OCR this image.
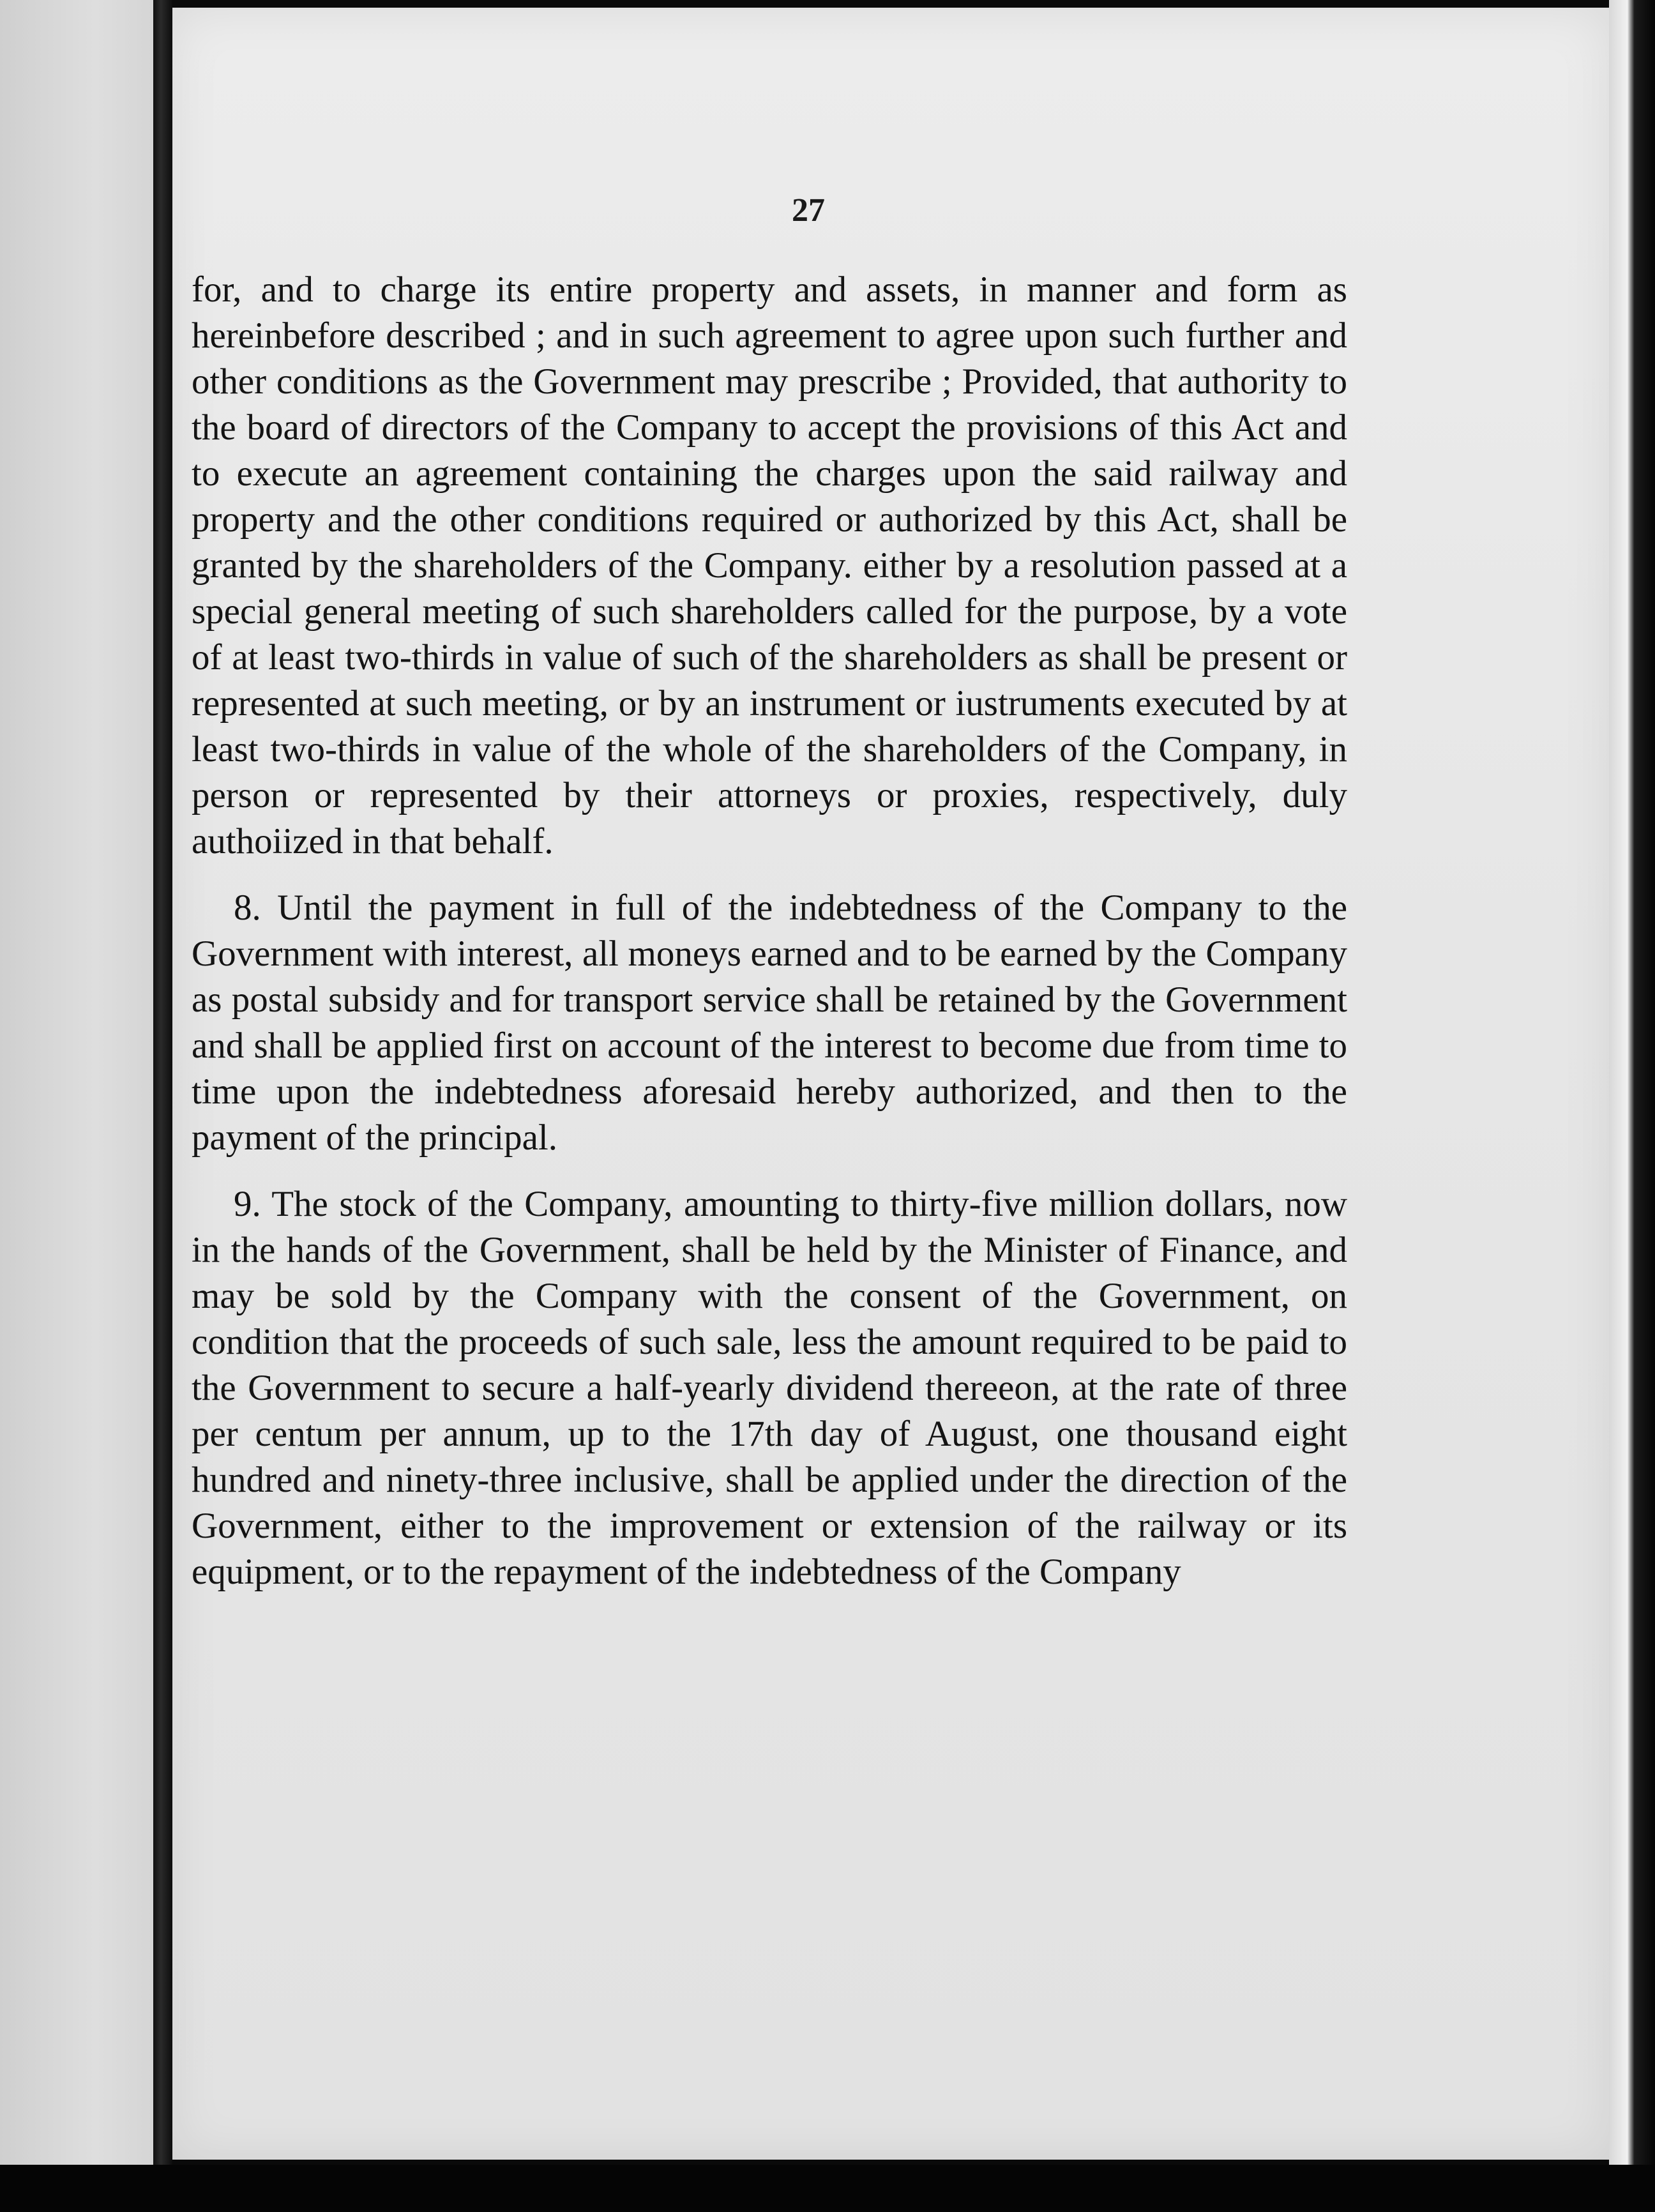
27

for, and to charge its entire property and assets, in manner and form as hereinbefore described ; and in such agreement to agree upon such further and other conditions as the Government may prescribe ; Provided, that authority to the board of directors of the Company to accept the provisions of this Act and to execute an agreement containing the charges upon the said railway and property and the other conditions required or authorized by this Act, shall be granted by the shareholders of the Company. either by a resolution passed at a special general meeting of such shareholders called for the purpose, by a vote of at least two-thirds in value of such of the shareholders as shall be present or represented at such meeting, or by an instrument or iustruments executed by at least two-thirds in value of the whole of the shareholders of the Company, in person or represented by their attorneys or proxies, respectively, duly authoiized in that behalf.

8. Until the payment in full of the indebtedness of the Company to the Government with interest, all moneys earned and to be earned by the Company as postal subsidy and for transport service shall be retained by the Government and shall be applied first on account of the interest to become due from time to time upon the indebtedness aforesaid hereby authorized, and then to the payment of the principal.

9. The stock of the Company, amounting to thirty-five million dollars, now in the hands of the Government, shall be held by the Minister of Finance, and may be sold by the Company with the consent of the Government, on condition that the proceeds of such sale, less the amount required to be paid to the Government to secure a half-yearly dividend thereeon, at the rate of three per centum per annum, up to the 17th day of August, one thousand eight hundred and ninety-three inclusive, shall be applied under the direction of the Government, either to the improvement or extension of the railway or its equipment, or to the repayment of the indebtedness of the Company
